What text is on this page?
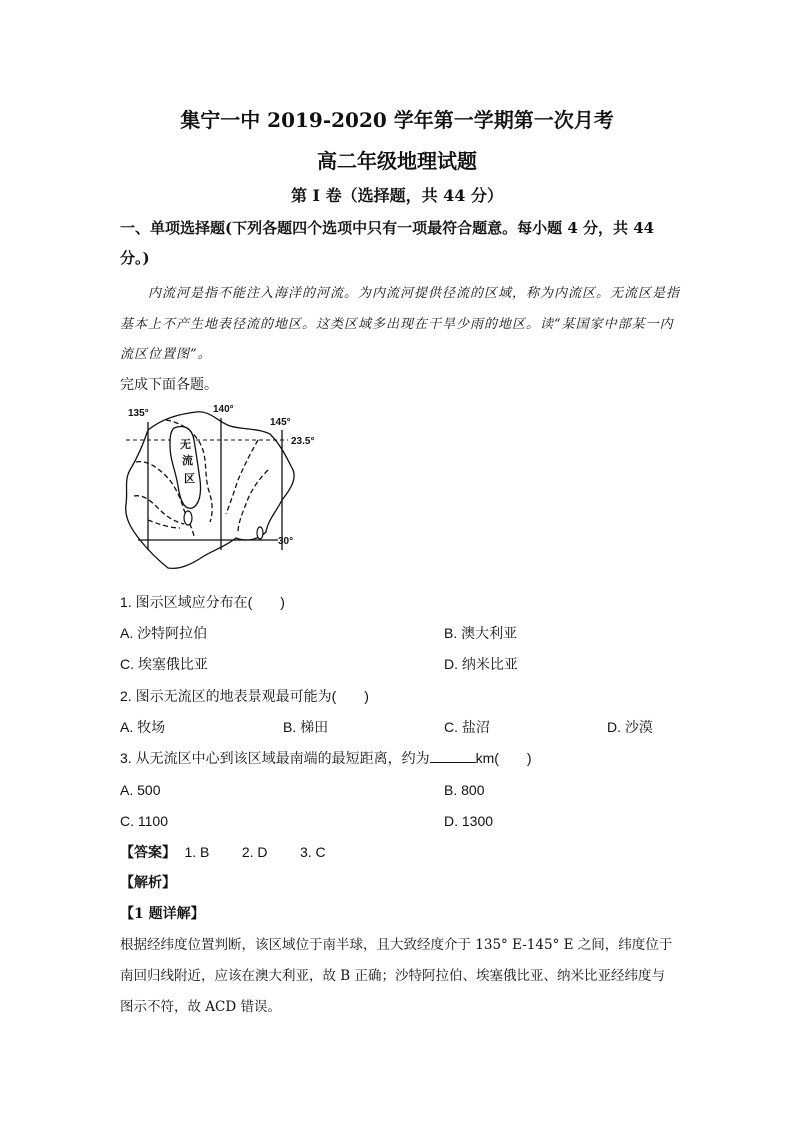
集宁一中 2019-2020 学年第一学期第一次月考
高二年级地理试题
第 I 卷（选择题，共 44 分）
一、单项选择题(下列各题四个选项中只有一项最符合题意。每小题 4 分，共 44
分。)
内流河是指不能注入海洋的河流。为内流河提供径流的区域，称为内流区。无流区是指
基本上不产生地表径流的地区。这类区域多出现在干旱少雨的地区。读“某国家中部某一内
流区位置图”。
完成下面各题。
135°	140°
145°
23.5°
30°
无
流
区
1. 图示区域应分布在(　　)
A. 沙特阿拉伯	B. 澳大利亚
C. 埃塞俄比亚	D. 纳米比亚
2. 图示无流区的地表景观最可能为(　　)
A. 牧场	B. 梯田	C. 盐沼	D. 沙漠
3. 从无流区中心到该区域最南端的最短距离，约为	km(　　)
A. 500	B. 800
C. 1100	D. 1300
【答案】 1. B 2. D 3. C
【解析】
【1 题详解】
根据经纬度位置判断，该区域位于南半球，且大致经度介于 135° E-145° E 之间，纬度位于
南回归线附近，应该在澳大利亚，故 B 正确；沙特阿拉伯、埃塞俄比亚、纳米比亚经纬度与
图示不符，故 ACD 错误。
